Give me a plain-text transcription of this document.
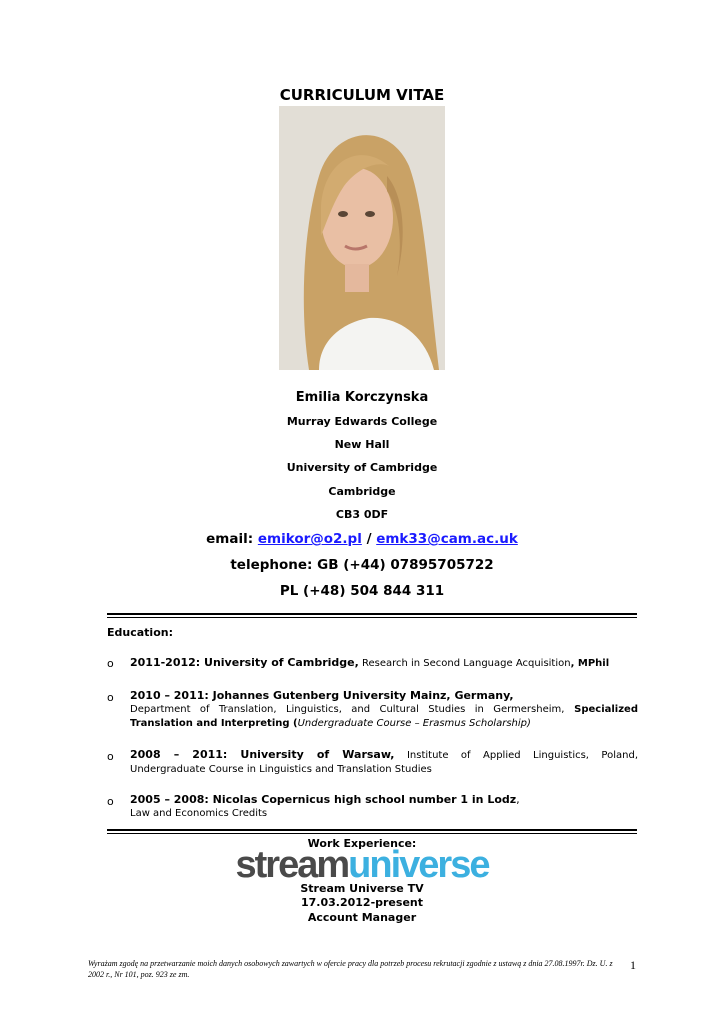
CURRICULUM VITAE
Emilia Korczynska
Murray Edwards College
New Hall
University of Cambridge
Cambridge
CB3 0DF
email: emikor@o2.pl / emk33@cam.ac.uk
telephone: GB (+44) 07895705722
PL (+48) 504 844 311
Education:
o 2011-2012: University of Cambridge, Research in Second Language Acquisition, MPhil
o 2010 – 2011: Johannes Gutenberg University Mainz, Germany,
Department of Translation, Linguistics, and Cultural Studies in Germersheim, Specialized
Translation and Interpreting (Undergraduate Course – Erasmus Scholarship)
o 2008 – 2011: University of Warsaw, Institute of Applied Linguistics, Poland,
Undergraduate Course in Linguistics and Translation Studies
o 2005 – 2008: Nicolas Copernicus high school number 1 in Lodz,
Law and Economics Credits
Work Experience:
streamuniverse
Stream Universe TV
17.03.2012-present
Account Manager
Wyrażam zgodę na przetwarzanie moich danych osobowych zawartych w ofercie pracy dla potrzeb procesu rekrutacji zgodnie z ustawą z dnia 27.08.1997r. Dz. U. z 2002 r., Nr 101, poz. 923 ze zm.
1
